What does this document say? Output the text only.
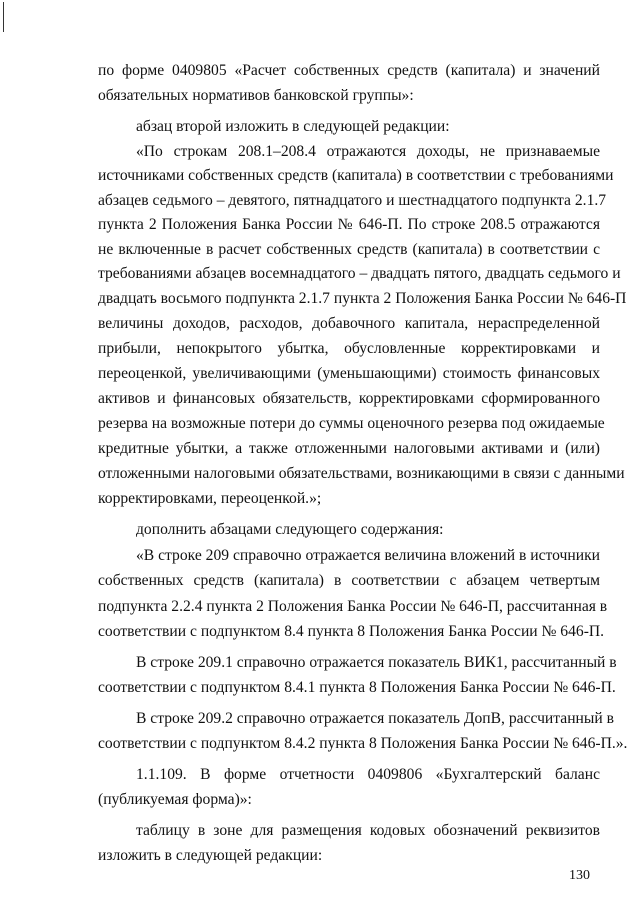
по форме 0409805 «Расчет собственных средств (капитала) и значений
обязательных нормативов банковской группы»:
абзац второй изложить в следующей редакции:
«По строкам 208.1–208.4 отражаются доходы, не признаваемые
источниками собственных средств (капитала) в соответствии с требованиями
абзацев седьмого – девятого, пятнадцатого и шестнадцатого подпункта 2.1.7
пункта 2 Положения Банка России № 646-П. По строке 208.5 отражаются
не включенные в расчет собственных средств (капитала) в соответствии с
требованиями абзацев восемнадцатого – двадцать пятого, двадцать седьмого и
двадцать восьмого подпункта 2.1.7 пункта 2 Положения Банка России № 646-П
величины доходов, расходов, добавочного капитала, нераспределенной
прибыли, непокрытого убытка, обусловленные корректировками и
переоценкой, увеличивающими (уменьшающими) стоимость финансовых
активов и финансовых обязательств, корректировками сформированного
резерва на возможные потери до суммы оценочного резерва под ожидаемые
кредитные убытки, а также отложенными налоговыми активами и (или)
отложенными налоговыми обязательствами, возникающими в связи с данными
корректировками, переоценкой.»;
дополнить абзацами следующего содержания:
«В строке 209 справочно отражается величина вложений в источники
собственных средств (капитала) в соответствии с абзацем четвертым
подпункта 2.2.4 пункта 2 Положения Банка России № 646-П, рассчитанная в
соответствии с подпунктом 8.4 пункта 8 Положения Банка России № 646-П.
В строке 209.1 справочно отражается показатель ВИК1, рассчитанный в
соответствии с подпунктом 8.4.1 пункта 8 Положения Банка России № 646-П.
В строке 209.2 справочно отражается показатель ДопВ, рассчитанный в
соответствии с подпунктом 8.4.2 пункта 8 Положения Банка России № 646-П.».
1.1.109. В форме отчетности 0409806 «Бухгалтерский баланс
(публикуемая форма)»:
таблицу в зоне для размещения кодовых обозначений реквизитов
изложить в следующей редакции:
130
